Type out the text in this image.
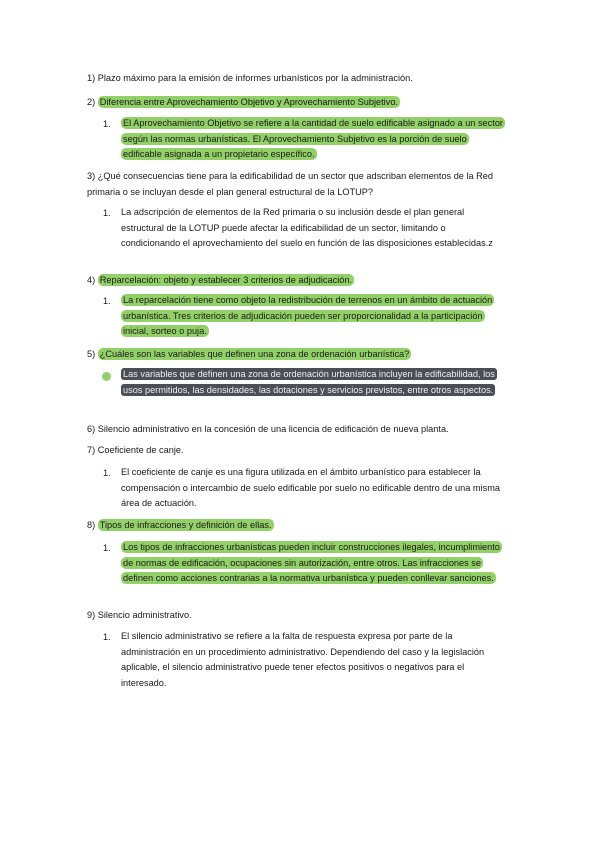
1) Plazo máximo para la emisión de informes urbanísticos por la administración.
2) Diferencia entre Aprovechamiento Objetivo y Aprovechamiento Subjetivo.
1. El Aprovechamiento Objetivo se refiere a la cantidad de suelo edificable asignado a un sector según las normas urbanísticas. El Aprovechamiento Subjetivo es la porción de suelo edificable asignada a un propietario específico.
3) ¿Qué consecuencias tiene para la edificabilidad de un sector que adscriban elementos de la Red primaria o se incluyan desde el plan general estructural de la LOTUP?
1. La adscripción de elementos de la Red primaria o su inclusión desde el plan general estructural de la LOTUP puede afectar la edificabilidad de un sector, limitando o condicionando el aprovechamiento del suelo en función de las disposiciones establecidas.z
4) Reparcelación: objeto y establecer 3 criterios de adjudicación.
1. La reparcelación tiene como objeto la redistribución de terrenos en un ámbito de actuación urbanística. Tres criterios de adjudicación pueden ser proporcionalidad a la participación inicial, sorteo o puja.
5) ¿Cuáles son las variables que definen una zona de ordenación urbanística?
Las variables que definen una zona de ordenación urbanística incluyen la edificabilidad, los usos permitidos, las densidades, las dotaciones y servicios previstos, entre otros aspectos.
6) Silencio administrativo en la concesión de una licencia de edificación de nueva planta.
7) Coeficiente de canje.
1. El coeficiente de canje es una figura utilizada en el ámbito urbanístico para establecer la compensación o intercambio de suelo edificable por suelo no edificable dentro de una misma área de actuación.
8) Tipos de infracciones y definición de ellas.
1. Los tipos de infracciones urbanísticas pueden incluir construcciones ilegales, incumplimiento de normas de edificación, ocupaciones sin autorización, entre otros. Las infracciones se definen como acciones contrarias a la normativa urbanística y pueden conllevar sanciones.
9) Silencio administrativo.
1. El silencio administrativo se refiere a la falta de respuesta expresa por parte de la administración en un procedimiento administrativo. Dependiendo del caso y la legislación aplicable, el silencio administrativo puede tener efectos positivos o negativos para el interesado.
